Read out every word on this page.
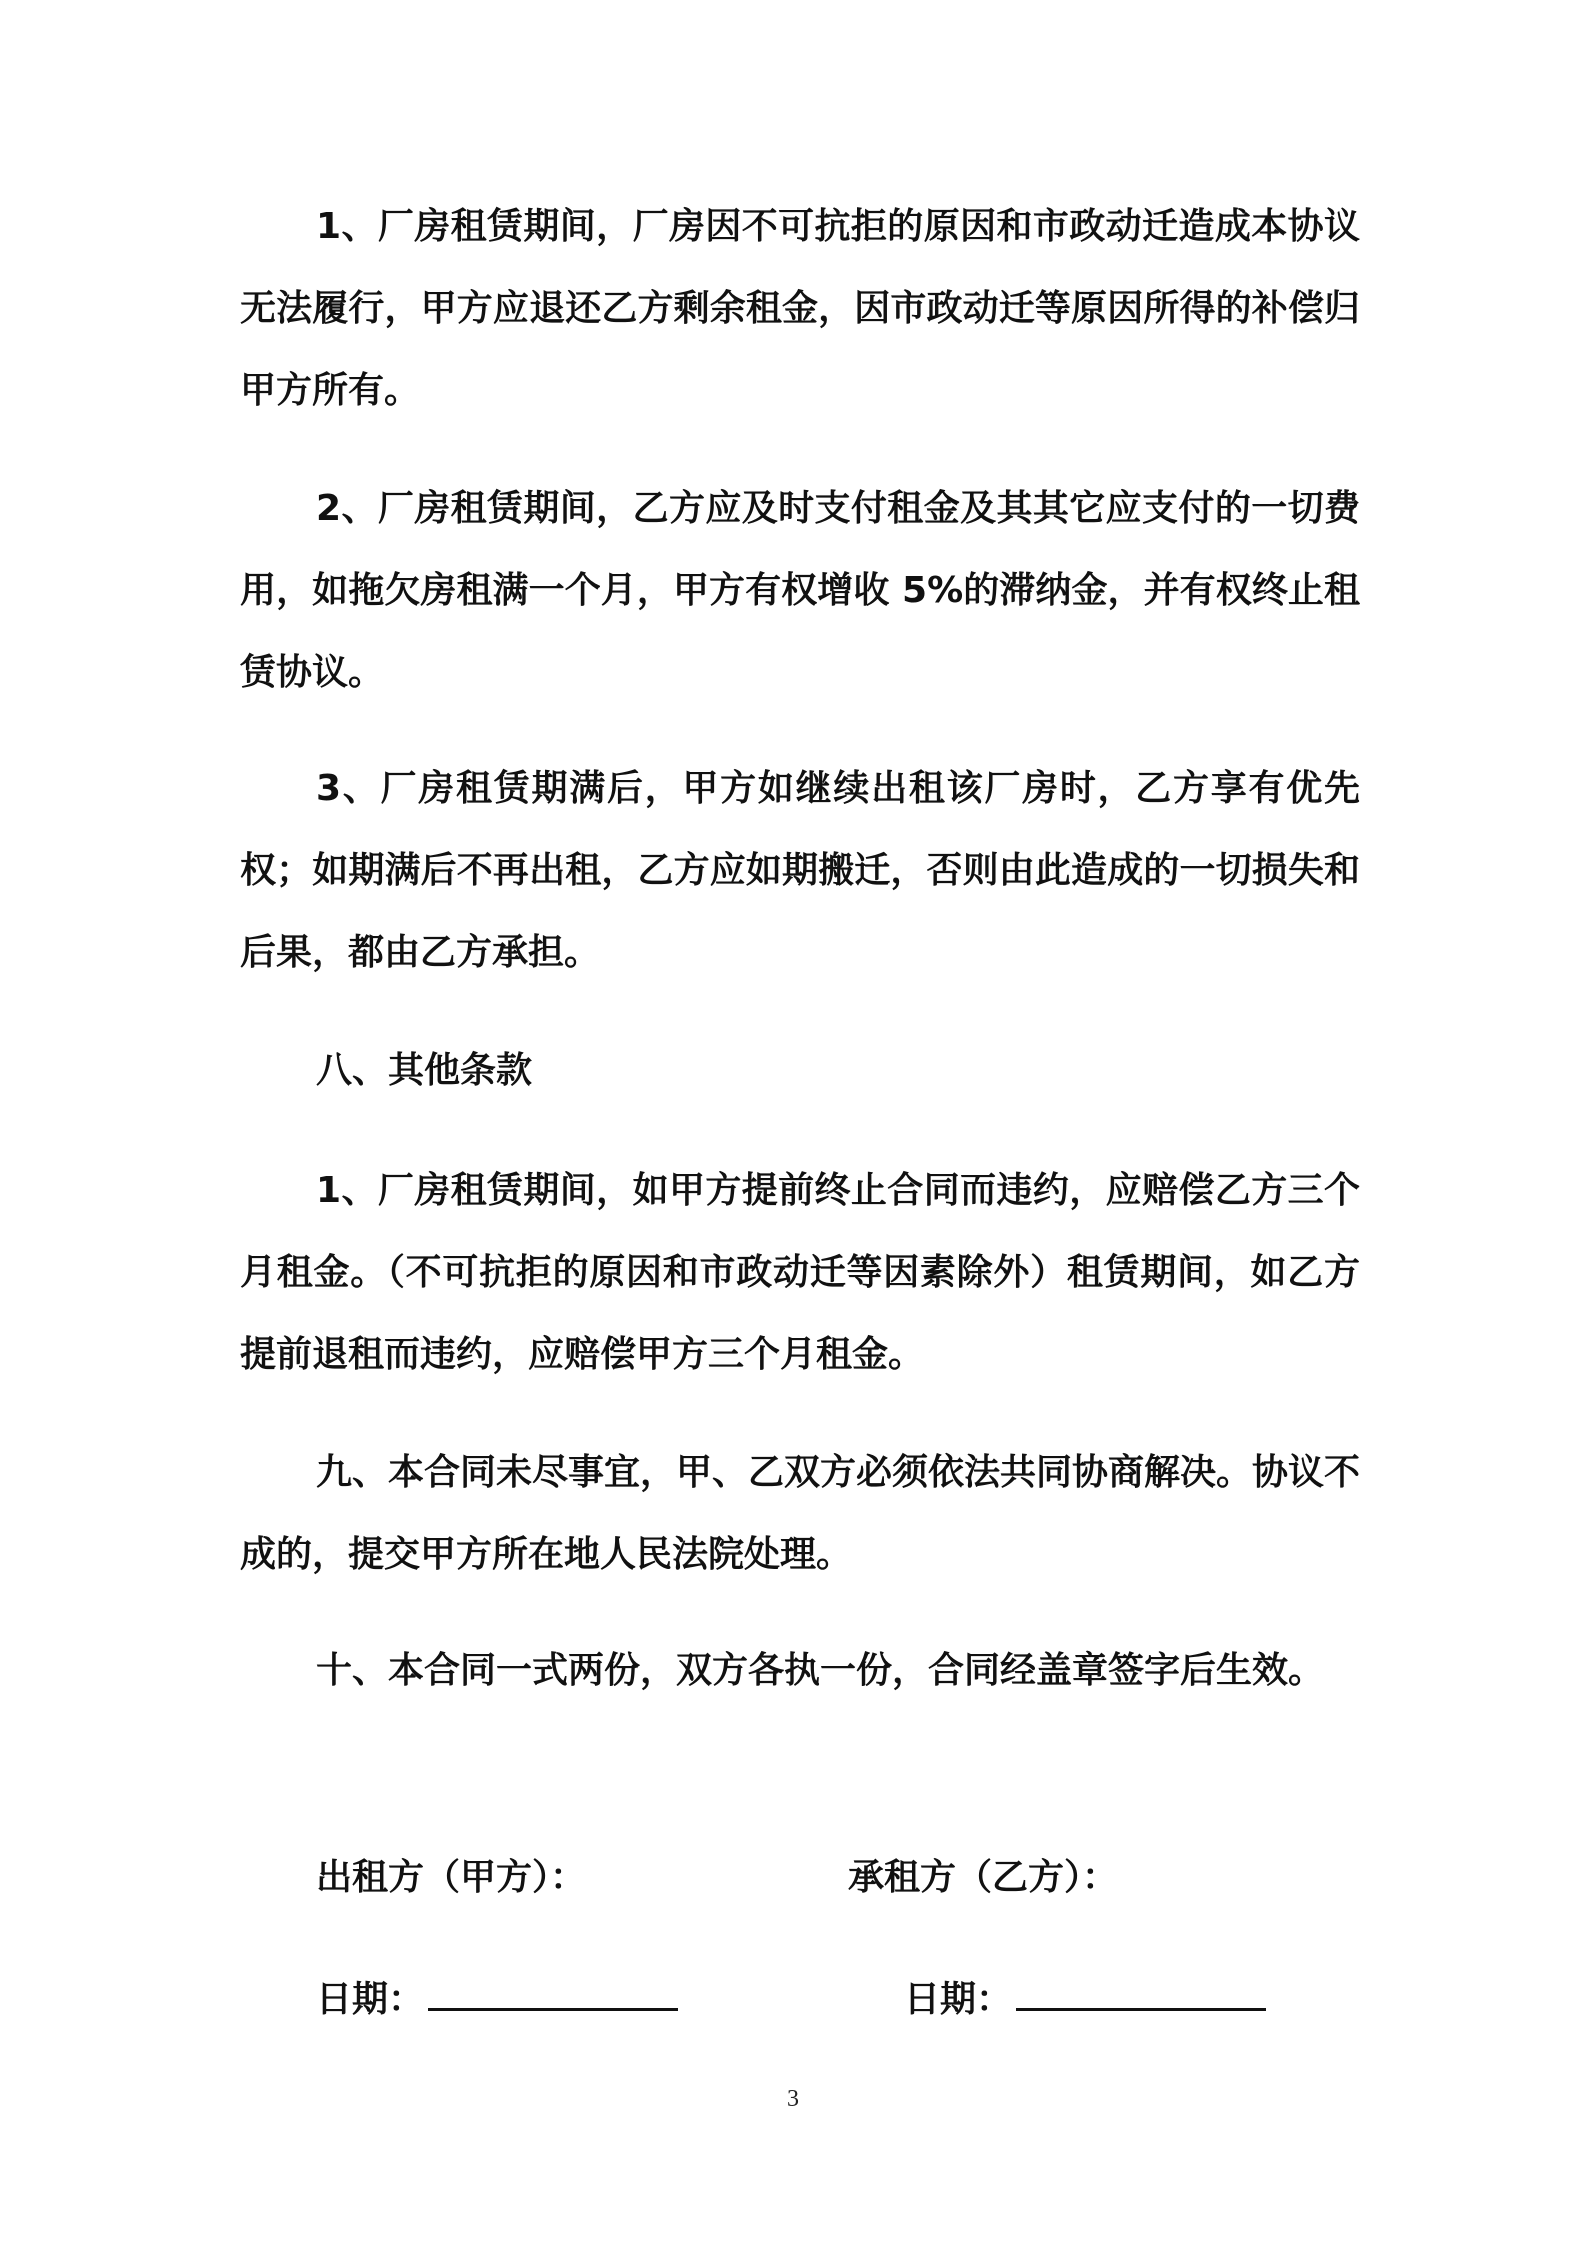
1、厂房租赁期间，厂房因不可抗拒的原因和市政动迁造成本协议无法履行，甲方应退还乙方剩余租金，因市政动迁等原因所得的补偿归甲方所有。

2、厂房租赁期间，乙方应及时支付租金及其其它应支付的一切费用，如拖欠房租满一个月，甲方有权增收 5%的滞纳金，并有权终止租赁协议。

3、厂房租赁期满后，甲方如继续出租该厂房时，乙方享有优先权；如期满后不再出租，乙方应如期搬迁，否则由此造成的一切损失和后果，都由乙方承担。

八、其他条款

1、厂房租赁期间，如甲方提前终止合同而违约，应赔偿乙方三个月租金。（不可抗拒的原因和市政动迁等因素除外）租赁期间，如乙方提前退租而违约，应赔偿甲方三个月租金。

九、本合同未尽事宜，甲、乙双方必须依法共同协商解决。协议不成的，提交甲方所在地人民法院处理。

十、本合同一式两份，双方各执一份，合同经盖章签字后生效。

出租方（甲方）：	承租方（乙方）：
日期：	日期：
3
